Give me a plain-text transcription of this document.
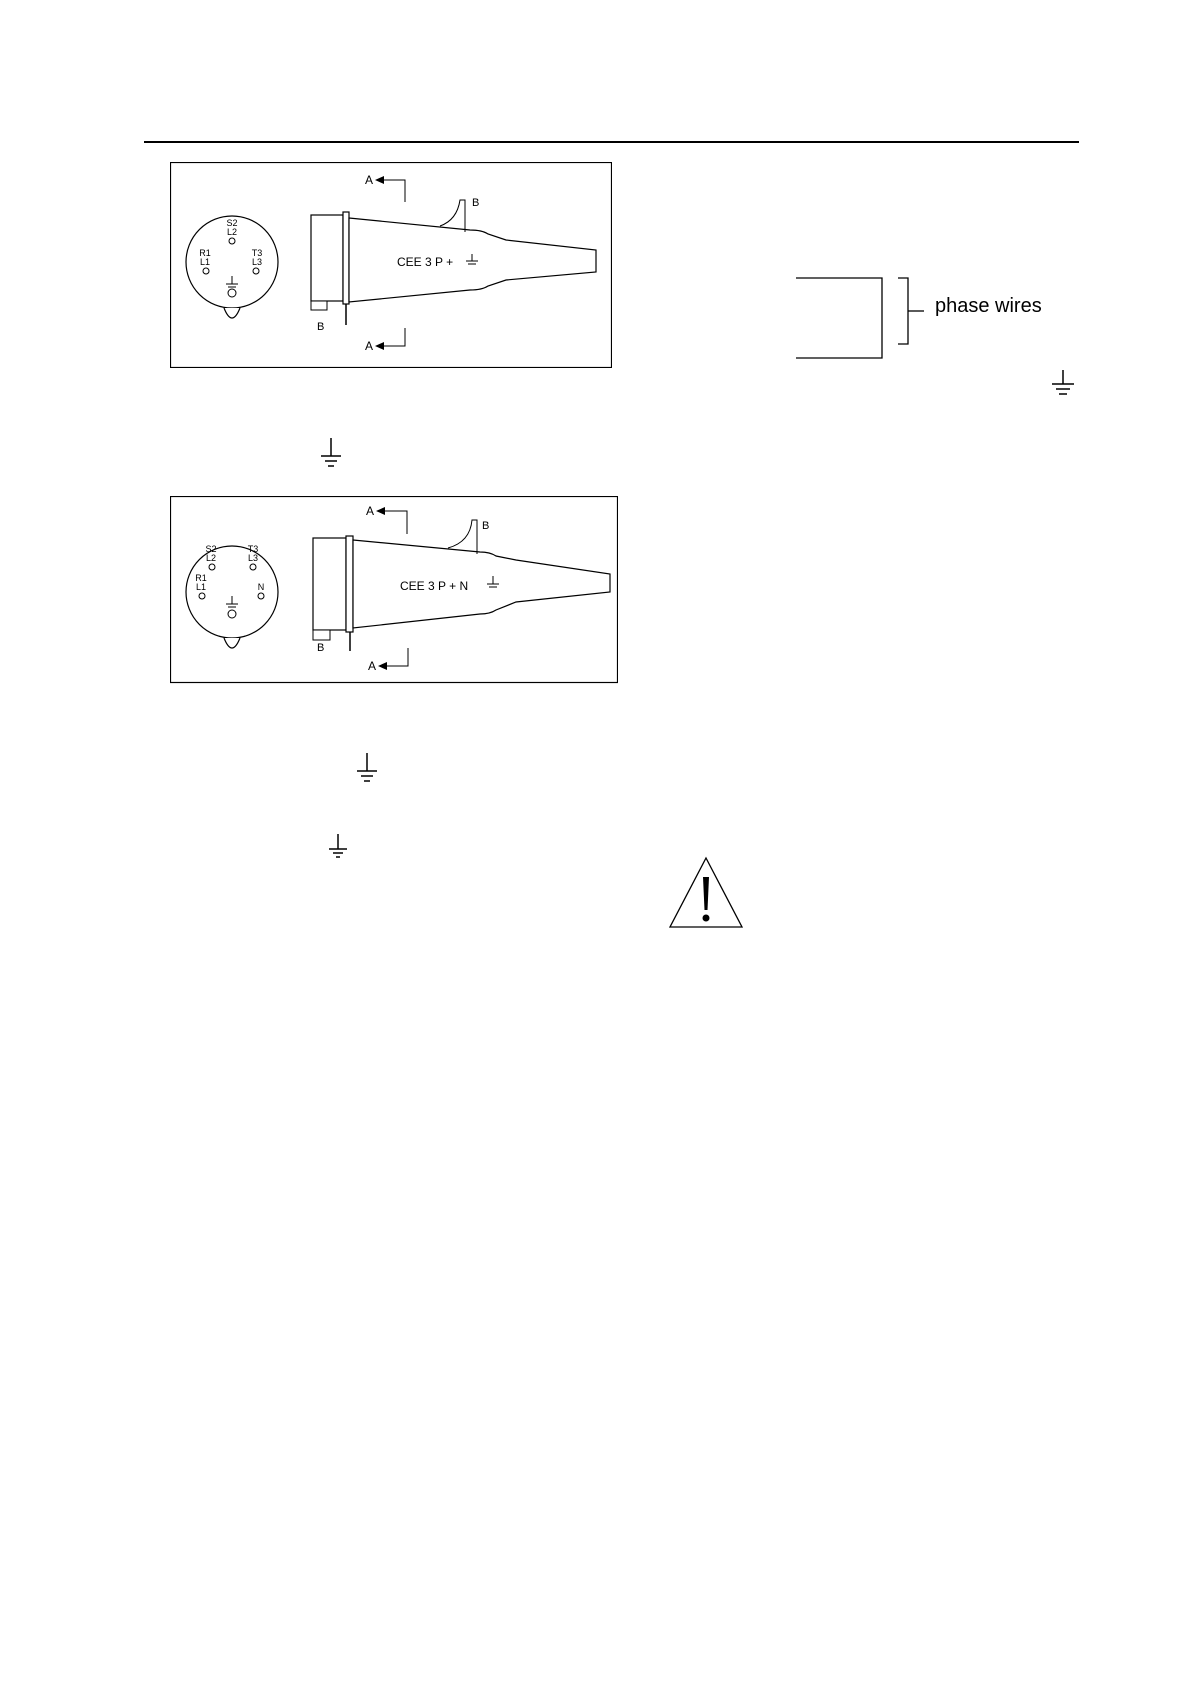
S2
L2
R1
L1
T3
L3	CEE 3 P +
A
B
B
A
S2
L2
T3
L3
R1
L1	N	CEE 3 P + N
A
B
B
A
phase wires
